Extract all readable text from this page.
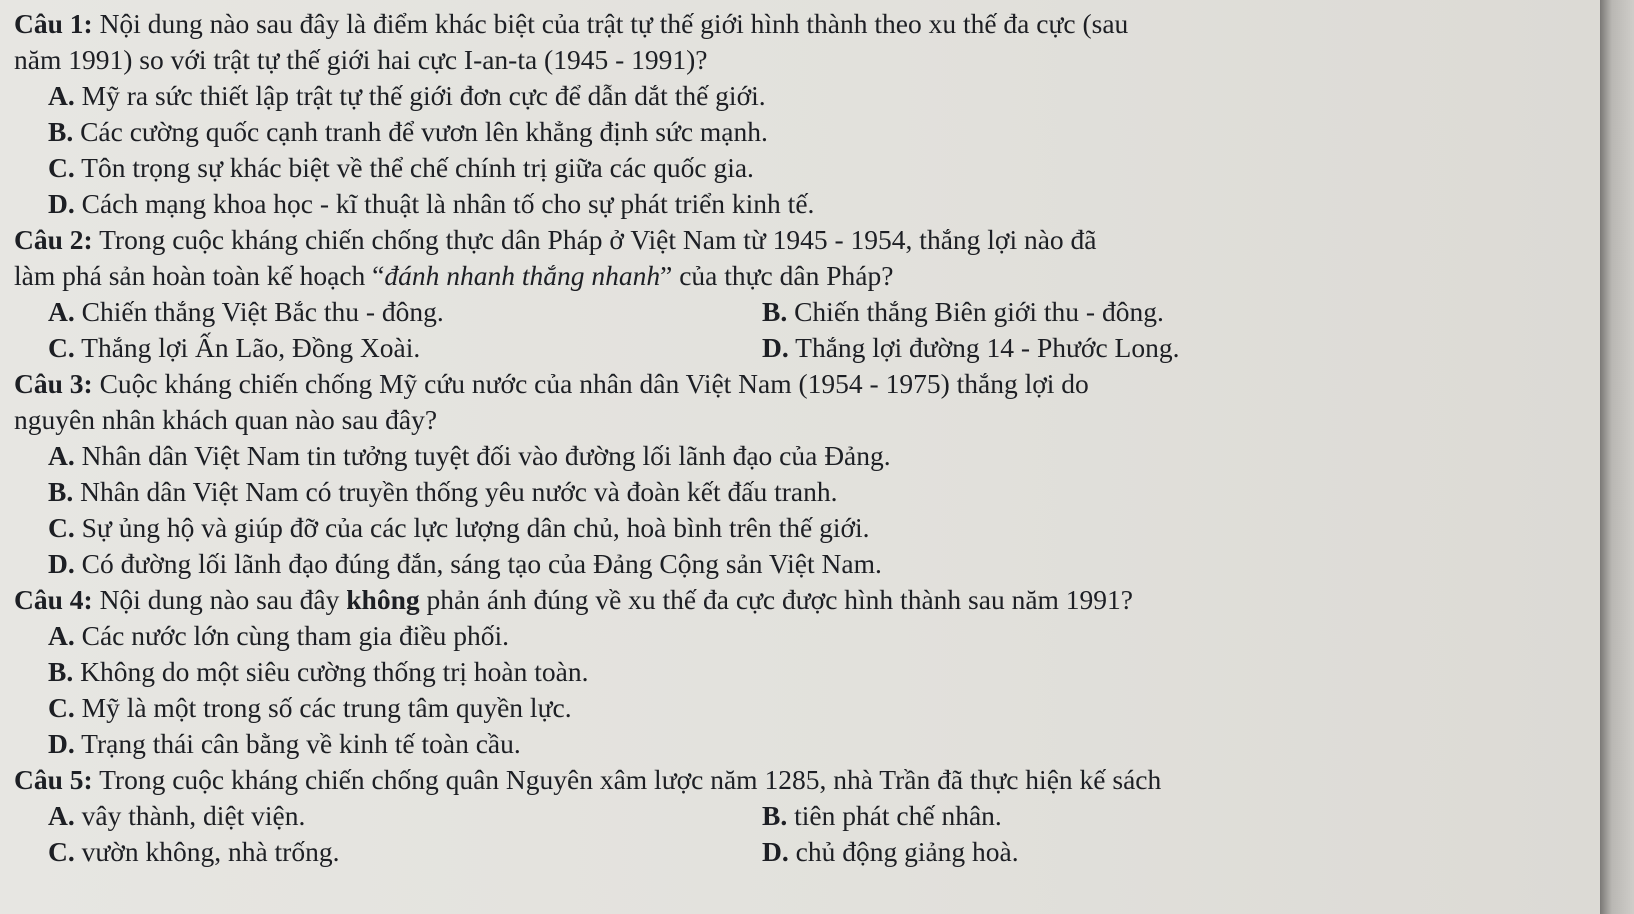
Câu 1: Nội dung nào sau đây là điểm khác biệt của trật tự thế giới hình thành theo xu thế đa cực (sau

năm 1991) so với trật tự thế giới hai cực I-an-ta (1945 - 1991)?

A. Mỹ ra sức thiết lập trật tự thế giới đơn cực để dẫn dắt thế giới.

B. Các cường quốc cạnh tranh để vươn lên khẳng định sức mạnh.

C. Tôn trọng sự khác biệt về thể chế chính trị giữa các quốc gia.

D. Cách mạng khoa học - kĩ thuật là nhân tố cho sự phát triển kinh tế.

Câu 2: Trong cuộc kháng chiến chống thực dân Pháp ở Việt Nam từ 1945 - 1954, thắng lợi nào đã

làm phá sản hoàn toàn kế hoạch “đánh nhanh thắng nhanh” của thực dân Pháp?

A. Chiến thắng Việt Bắc thu - đông.	B. Chiến thắng Biên giới thu - đông.
C. Thắng lợi Ấn Lão, Đồng Xoài.	D. Thắng lợi đường 14 - Phước Long.

Câu 3: Cuộc kháng chiến chống Mỹ cứu nước của nhân dân Việt Nam (1954 - 1975) thắng lợi do

nguyên nhân khách quan nào sau đây?

A. Nhân dân Việt Nam tin tưởng tuyệt đối vào đường lối lãnh đạo của Đảng.

B. Nhân dân Việt Nam có truyền thống yêu nước và đoàn kết đấu tranh.

C. Sự ủng hộ và giúp đỡ của các lực lượng dân chủ, hoà bình trên thế giới.

D. Có đường lối lãnh đạo đúng đắn, sáng tạo của Đảng Cộng sản Việt Nam.

Câu 4: Nội dung nào sau đây không phản ánh đúng về xu thế đa cực được hình thành sau năm 1991?

A. Các nước lớn cùng tham gia điều phối.

B. Không do một siêu cường thống trị hoàn toàn.

C. Mỹ là một trong số các trung tâm quyền lực.

D. Trạng thái cân bằng về kinh tế toàn cầu.

Câu 5: Trong cuộc kháng chiến chống quân Nguyên xâm lược năm 1285, nhà Trần đã thực hiện kế sách

A. vây thành, diệt viện.	B. tiên phát chế nhân.
C. vườn không, nhà trống.	D. chủ động giảng hoà.
